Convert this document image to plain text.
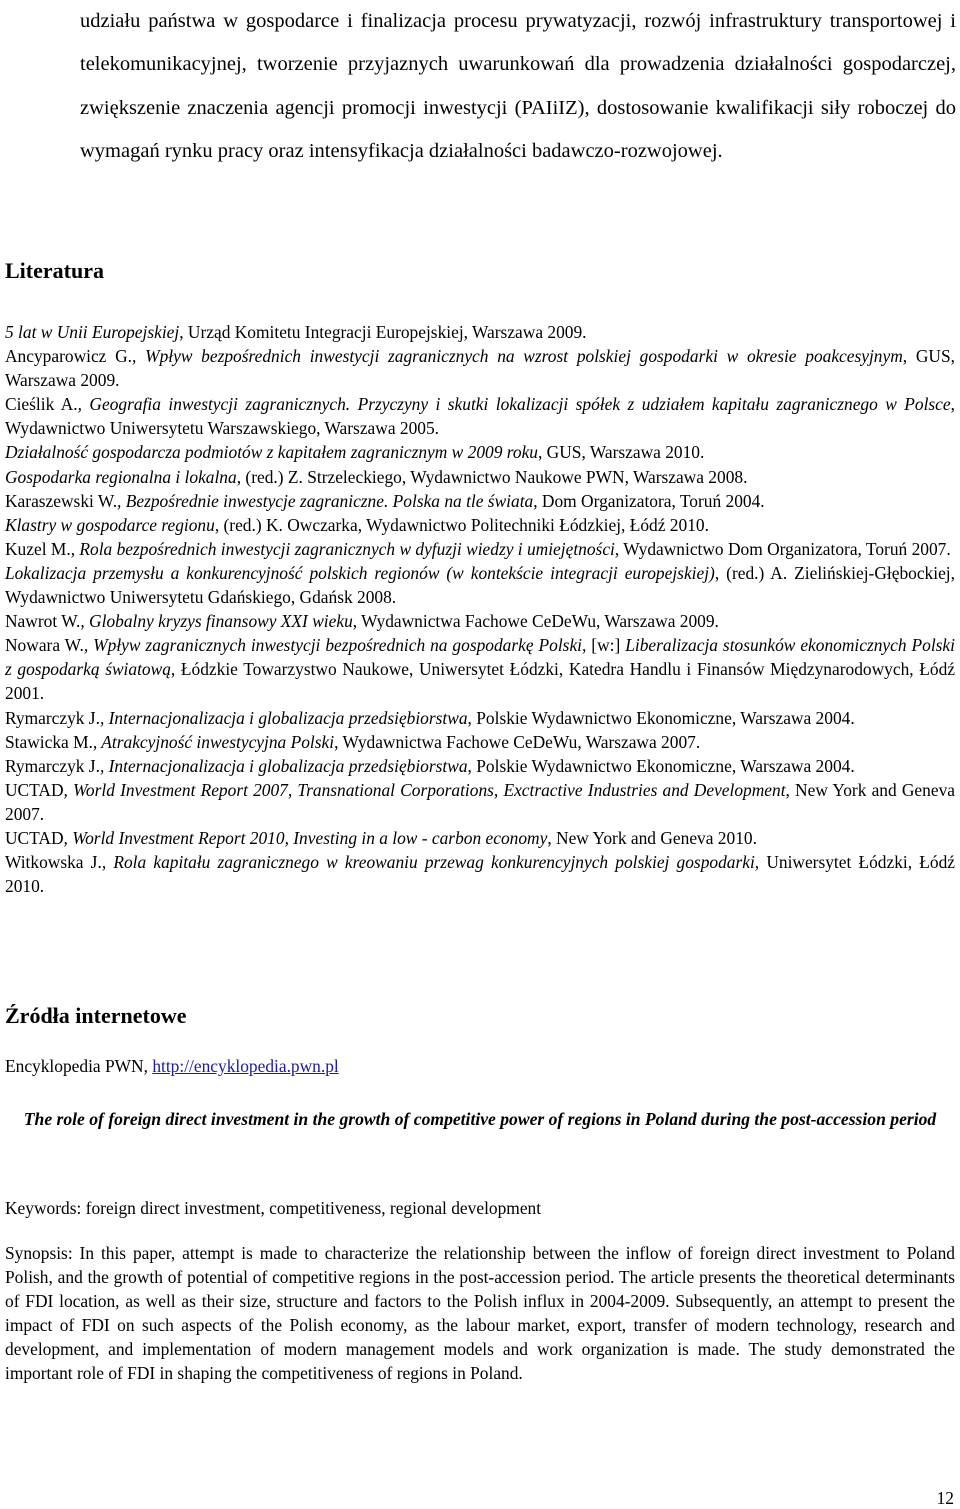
udziału państwa w gospodarce i finalizacja procesu prywatyzacji, rozwój infrastruktury transportowej i telekomunikacyjnej, tworzenie przyjaznych uwarunkowań dla prowadzenia działalności gospodarczej, zwiększenie znaczenia agencji promocji inwestycji (PAIiIZ), dostosowanie kwalifikacji siły roboczej do wymagań rynku pracy oraz intensyfikacja działalności badawczo-rozwojowej.

Literatura
5 lat w Unii Europejskiej, Urząd Komitetu Integracji Europejskiej, Warszawa 2009.
Ancyparowicz G., Wpływ bezpośrednich inwestycji zagranicznych na wzrost polskiej gospodarki w okresie poakcesyjnym, GUS, Warszawa 2009.
Cieślik A., Geografia inwestycji zagranicznych. Przyczyny i skutki lokalizacji spółek z udziałem kapitału zagranicznego w Polsce, Wydawnictwo Uniwersytetu Warszawskiego, Warszawa 2005.
Działalność gospodarcza podmiotów z kapitałem zagranicznym w 2009 roku, GUS, Warszawa 2010.
Gospodarka regionalna i lokalna, (red.) Z. Strzeleckiego, Wydawnictwo Naukowe PWN, Warszawa 2008.
Karaszewski W., Bezpośrednie inwestycje zagraniczne. Polska na tle świata, Dom Organizatora, Toruń 2004.
Klastry w gospodarce regionu, (red.) K. Owczarka, Wydawnictwo Politechniki Łódzkiej, Łódź 2010.
Kuzel M., Rola bezpośrednich inwestycji zagranicznych w dyfuzji wiedzy i umiejętności, Wydawnictwo Dom Organizatora, Toruń 2007.
Lokalizacja przemysłu a konkurencyjność polskich regionów (w kontekście integracji europejskiej), (red.) A. Zielińskiej-Głębockiej, Wydawnictwo Uniwersytetu Gdańskiego, Gdańsk 2008.
Nawrot W., Globalny kryzys finansowy XXI wieku, Wydawnictwa Fachowe CeDeWu, Warszawa 2009.
Nowara W., Wpływ zagranicznych inwestycji bezpośrednich na gospodarkę Polski, [w:] Liberalizacja stosunków ekonomicznych Polski z gospodarką światową, Łódzkie Towarzystwo Naukowe, Uniwersytet Łódzki, Katedra Handlu i Finansów Międzynarodowych, Łódź 2001.
Rymarczyk J., Internacjonalizacja i globalizacja przedsiębiorstwa, Polskie Wydawnictwo Ekonomiczne, Warszawa 2004.
Stawicka M., Atrakcyjność inwestycyjna Polski, Wydawnictwa Fachowe CeDeWu, Warszawa 2007.
Rymarczyk J., Internacjonalizacja i globalizacja przedsiębiorstwa, Polskie Wydawnictwo Ekonomiczne, Warszawa 2004.
UCTAD, World Investment Report 2007, Transnational Corporations, Exctractive Industries and Development, New York and Geneva 2007.
UCTAD, World Investment Report 2010, Investing in a low - carbon economy, New York and Geneva 2010.
Witkowska J., Rola kapitału zagranicznego w kreowaniu przewag konkurencyjnych polskiej gospodarki, Uniwersytet Łódzki, Łódź 2010.
Źródła internetowe

Encyklopedia PWN, http://encyklopedia.pwn.pl

The role of foreign direct investment in the growth of competitive power of regions in Poland during the post-accession period

Keywords: foreign direct investment, competitiveness, regional development

Synopsis: In this paper, attempt is made to characterize the relationship between the inflow of foreign direct investment to Poland Polish, and the growth of potential of competitive regions in the post-accession period. The article presents the theoretical determinants of FDI location, as well as their size, structure and factors to the Polish influx in 2004-2009. Subsequently, an attempt to present the impact of FDI on such aspects of the Polish economy, as the labour market, export, transfer of modern technology, research and development, and implementation of modern management models and work organization is made. The study demonstrated the important role of FDI in shaping the competitiveness of regions in Poland.

12
